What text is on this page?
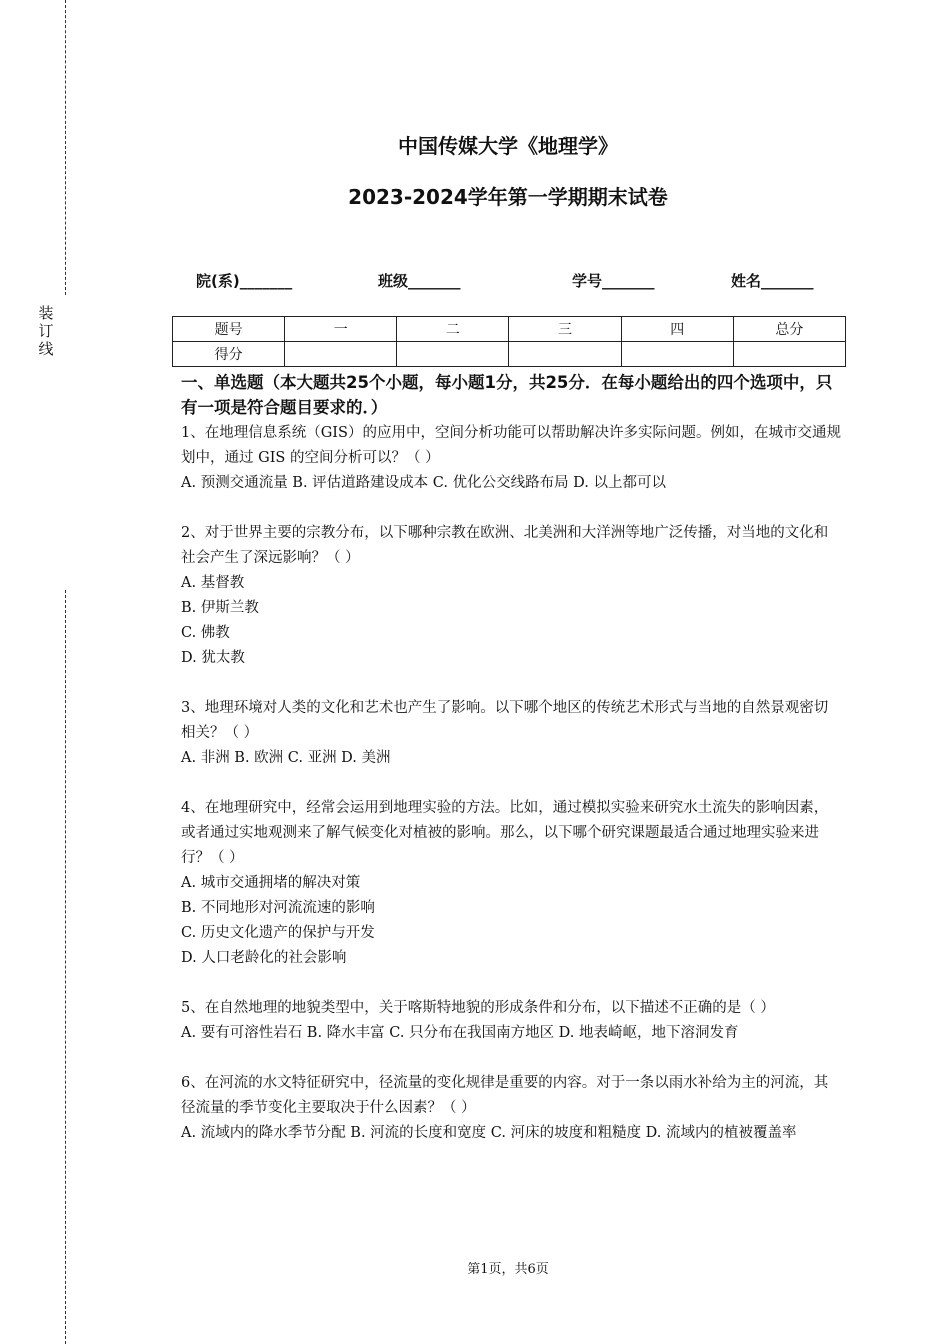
装
订
线
中国传媒大学《地理学》
2023-2024学年第一学期期末试卷
院(系)_______	班级_______	学号_______	姓名_______
题号	一	二	三	四	总分
得分					
一、单选题（本大题共25个小题，每小题1分，共25分．在每小题给出的四个选项中，只有一项是符合题目要求的．）

1、在地理信息系统（GIS）的应用中，空间分析功能可以帮助解决许多实际问题。例如，在城市交通规划中，通过 GIS 的空间分析可以？（ ）

A. 预测交通流量 B. 评估道路建设成本 C. 优化公交线路布局 D. 以上都可以

2、对于世界主要的宗教分布，以下哪种宗教在欧洲、北美洲和大洋洲等地广泛传播，对当地的文化和社会产生了深远影响？（ ）

A. 基督教

B. 伊斯兰教

C. 佛教

D. 犹太教

3、地理环境对人类的文化和艺术也产生了影响。以下哪个地区的传统艺术形式与当地的自然景观密切相关？（ ）

A. 非洲 B. 欧洲 C. 亚洲 D. 美洲

4、在地理研究中，经常会运用到地理实验的方法。比如，通过模拟实验来研究水土流失的影响因素，或者通过实地观测来了解气候变化对植被的影响。那么，以下哪个研究课题最适合通过地理实验来进行？（ ）

A. 城市交通拥堵的解决对策

B. 不同地形对河流流速的影响

C. 历史文化遗产的保护与开发

D. 人口老龄化的社会影响

5、在自然地理的地貌类型中，关于喀斯特地貌的形成条件和分布，以下描述不正确的是（ ）

A. 要有可溶性岩石 B. 降水丰富 C. 只分布在我国南方地区 D. 地表崎岖，地下溶洞发育

6、在河流的水文特征研究中，径流量的变化规律是重要的内容。对于一条以雨水补给为主的河流，其径流量的季节变化主要取决于什么因素？（ ）

A. 流域内的降水季节分配 B. 河流的长度和宽度 C. 河床的坡度和粗糙度 D. 流域内的植被覆盖率

第1页，共6页
